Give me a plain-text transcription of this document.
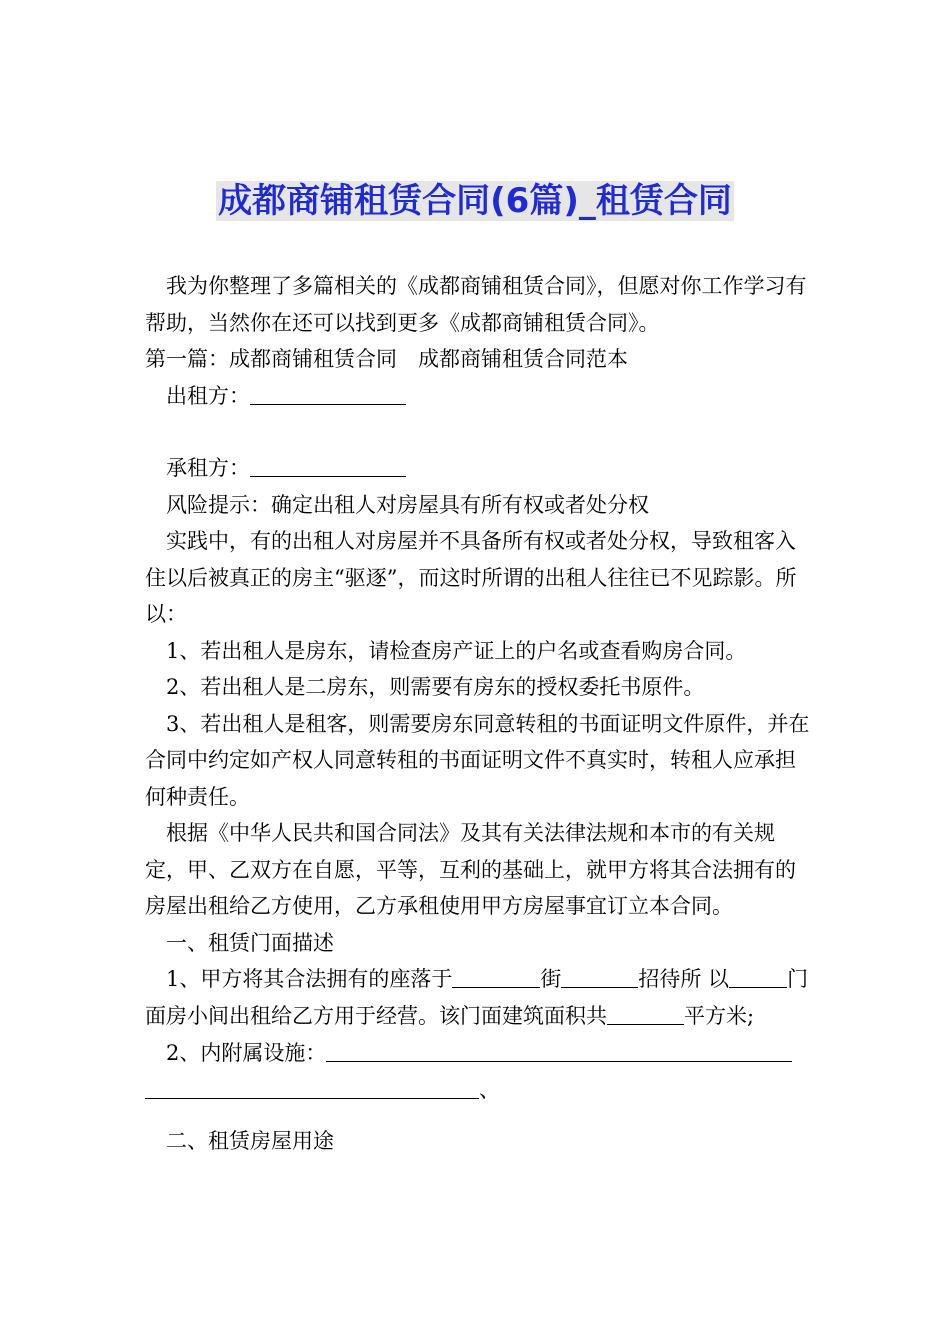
成都商铺租赁合同(6篇)_租赁合同

我为你整理了多篇相关的《成都商铺租赁合同》，但愿对你工作学习有帮助，当然你在还可以找到更多《成都商铺租赁合同》。

第一篇：成都商铺租赁合同　成都商铺租赁合同范本

出租方：

承租方：

风险提示：确定出租人对房屋具有所有权或者处分权

实践中，有的出租人对房屋并不具备所有权或者处分权，导致租客入住以后被真正的房主“驱逐”，而这时所谓的出租人往往已不见踪影。所以：

1、若出租人是房东，请检查房产证上的户名或查看购房合同。

2、若出租人是二房东，则需要有房东的授权委托书原件。

3、若出租人是租客，则需要房东同意转租的书面证明文件原件，并在合同中约定如产权人同意转租的书面证明文件不真实时，转租人应承担何种责任。

根据《中华人民共和国合同法》及其有关法律法规和本市的有关规定，甲、乙双方在自愿，平等，互利的基础上，就甲方将其合法拥有的房屋出租给乙方使用，乙方承租使用甲方房屋事宜订立本合同。

一、租赁门面描述

1、甲方将其合法拥有的座落于	街	招待所 以	门面房小间出租给乙方用于经营。该门面建筑面积共	平方米;

2、内附属设施：

、

二、租赁房屋用途
